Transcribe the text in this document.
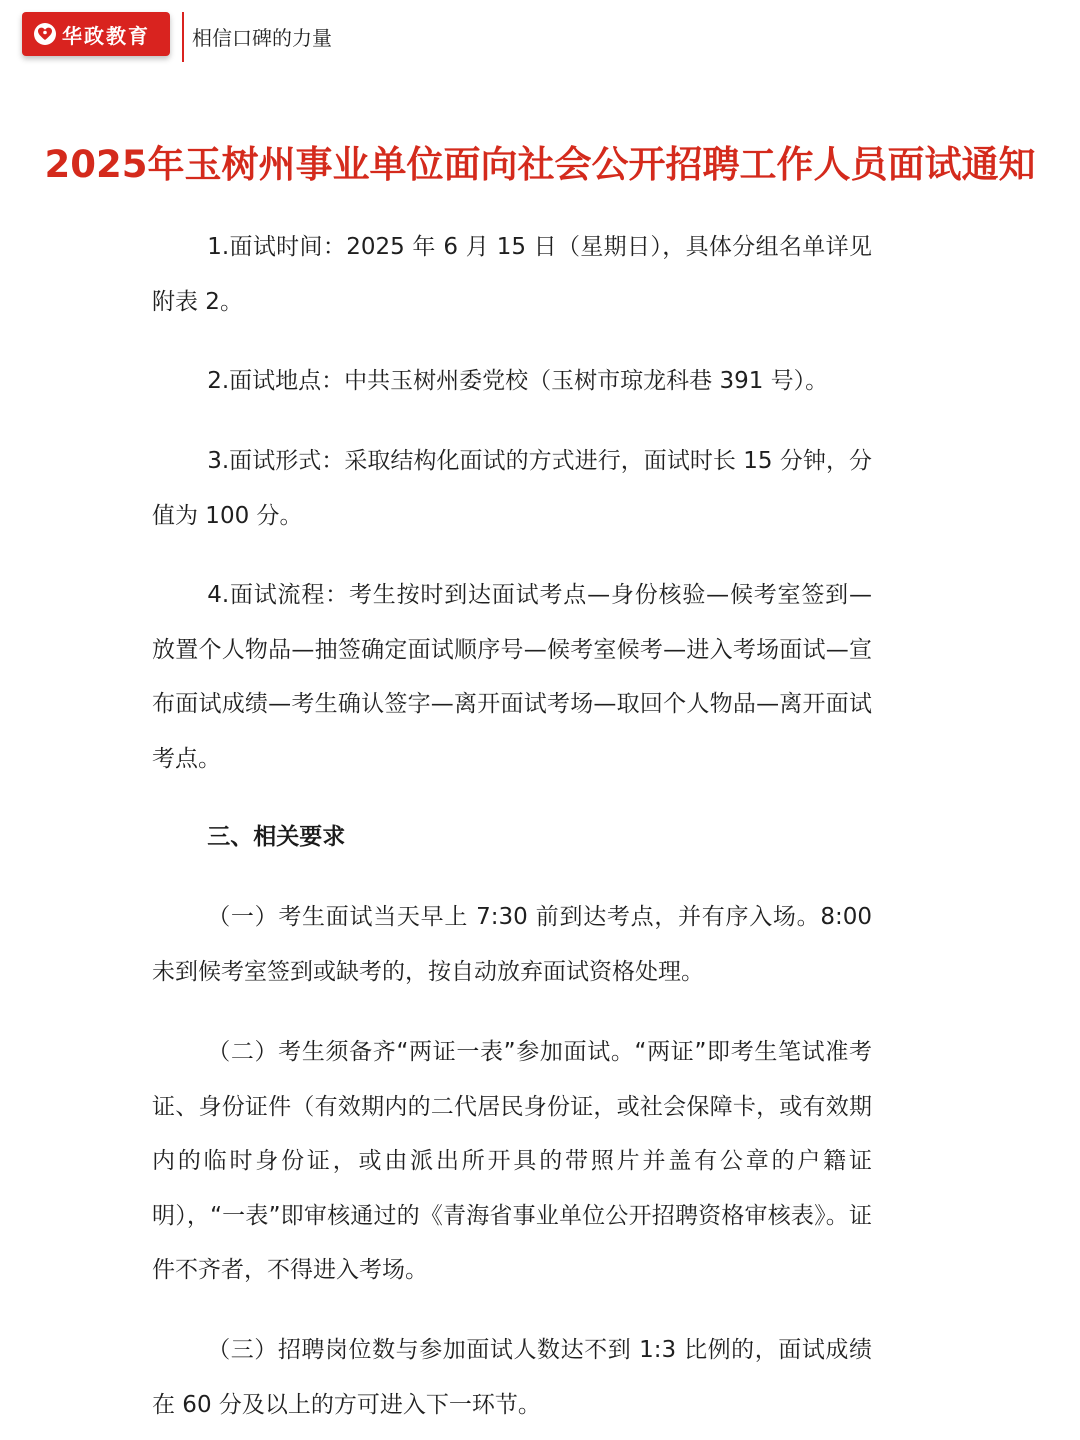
华政教育 相信口碑的力量
2025年玉树州事业单位面向社会公开招聘工作人员面试通知

1.面试时间：2025 年 6 月 15 日（星期日），具体分组名单详见附表 2。

2.面试地点：中共玉树州委党校（玉树市琼龙科巷 391 号）。

3.面试形式：采取结构化面试的方式进行，面试时长 15 分钟，分值为 100 分。

4.面试流程：考生按时到达面试考点—身份核验—候考室签到—放置个人物品—抽签确定面试顺序号—候考室候考—进入考场面试—宣布面试成绩—考生确认签字—离开面试考场—取回个人物品—离开面试考点。

三、相关要求

（一）考生面试当天早上 7:30 前到达考点，并有序入场。8:00 未到候考室签到或缺考的，按自动放弃面试资格处理。

（二）考生须备齐“两证一表”参加面试。“两证”即考生笔试准考证、身份证件（有效期内的二代居民身份证，或社会保障卡，或有效期内的临时身份证，或由派出所开具的带照片并盖有公章的户籍证明），“一表”即审核通过的《青海省事业单位公开招聘资格审核表》。证件不齐者，不得进入考场。

（三）招聘岗位数与参加面试人数达不到 1:3 比例的，面试成绩在 60 分及以上的方可进入下一环节。
